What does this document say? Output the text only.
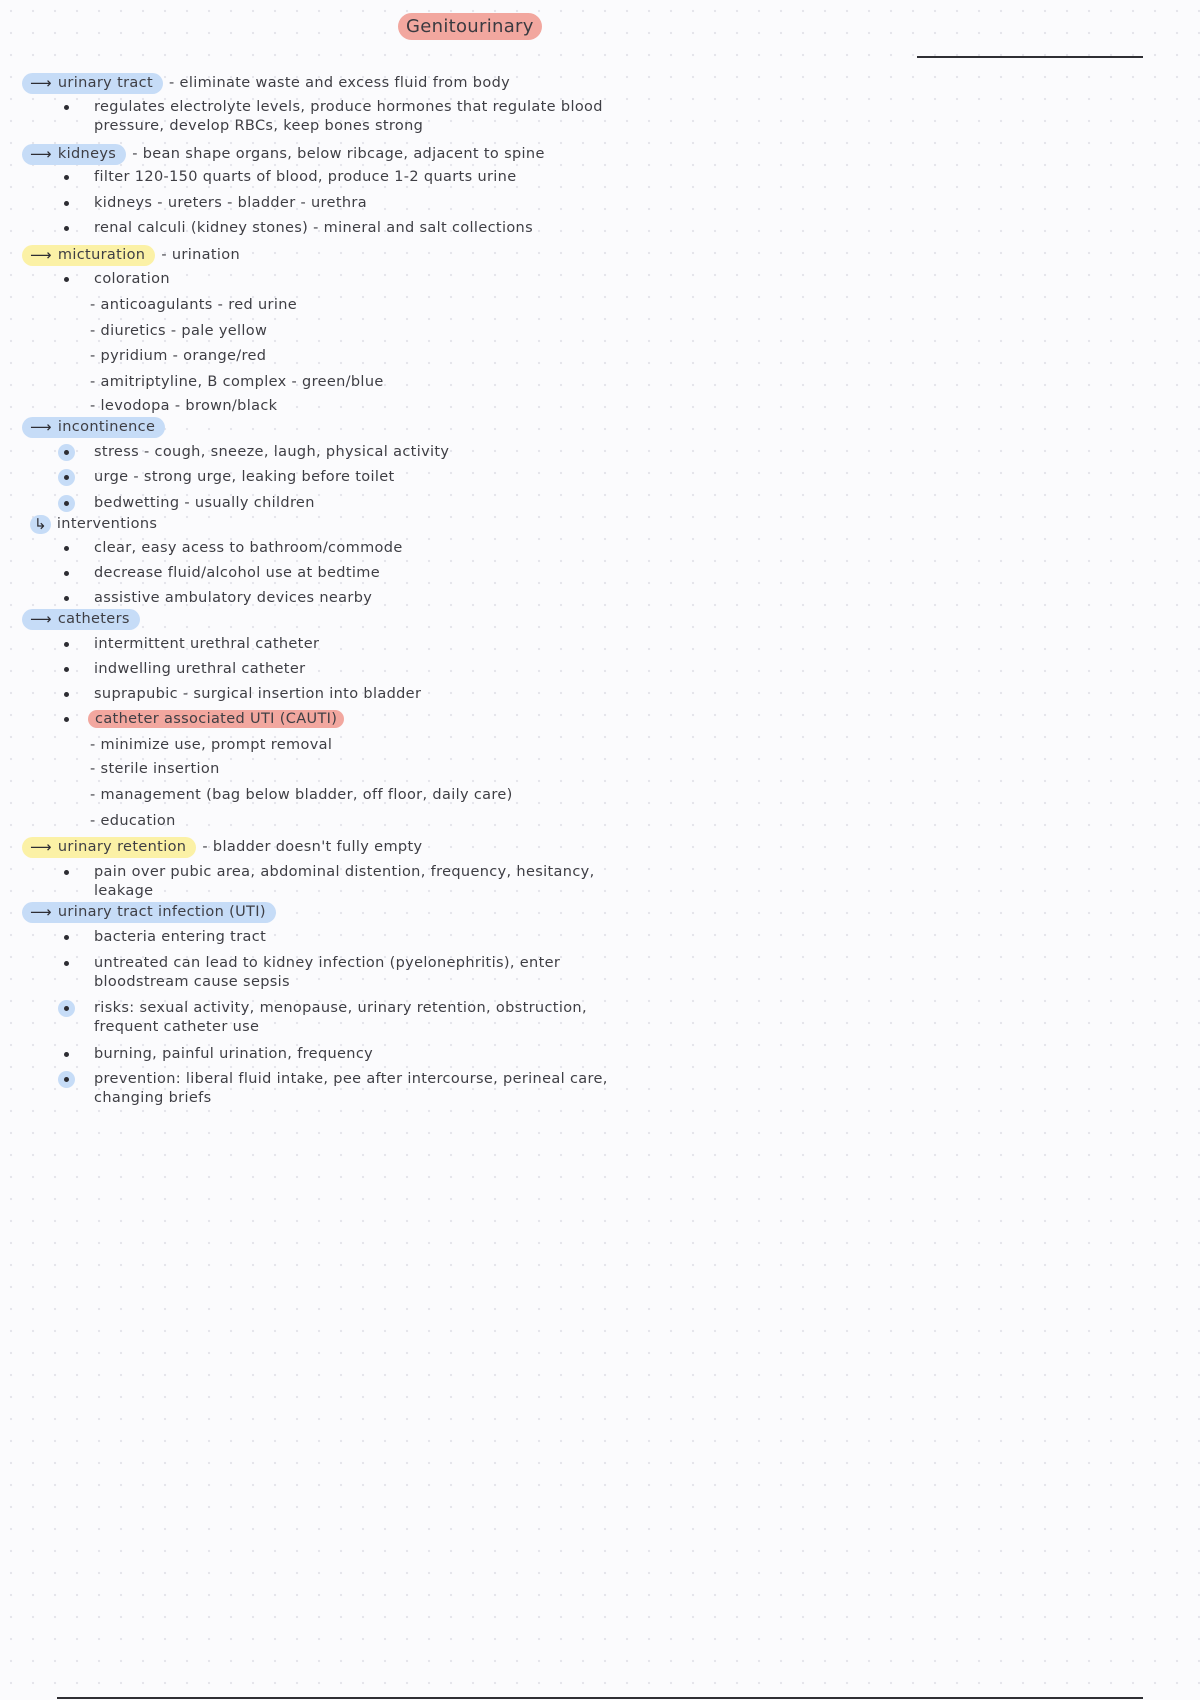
Genitourinary
⟶ urinary tract - eliminate waste and excess fluid from body
regulates electrolyte levels, produce hormones that regulate blood pressure, develop RBCs, keep bones strong
⟶ kidneys - bean shape organs, below ribcage, adjacent to spine
filter 120-150 quarts of blood, produce 1-2 quarts urine
kidneys - ureters - bladder - urethra
renal calculi (kidney stones) - mineral and salt collections
⟶ micturation - urination
coloration
- anticoagulants - red urine
- diuretics - pale yellow
- pyridium - orange/red
- amitriptyline, B complex - green/blue
- levodopa - brown/black
⟶ incontinence
stress - cough, sneeze, laugh, physical activity
urge - strong urge, leaking before toilet
bedwetting - usually children
↳ interventions
clear, easy acess to bathroom/commode
decrease fluid/alcohol use at bedtime
assistive ambulatory devices nearby
⟶ catheters
intermittent urethral catheter
indwelling urethral catheter
suprapubic - surgical insertion into bladder
catheter associated UTI (CAUTI)
- minimize use, prompt removal
- sterile insertion
- management (bag below bladder, off floor, daily care)
- education
⟶ urinary retention - bladder doesn't fully empty
pain over pubic area, abdominal distention, frequency, hesitancy, leakage
⟶ urinary tract infection (UTI)
bacteria entering tract
untreated can lead to kidney infection (pyelonephritis), enter bloodstream cause sepsis
risks: sexual activity, menopause, urinary retention, obstruction, frequent catheter use
burning, painful urination, frequency
prevention: liberal fluid intake, pee after intercourse, perineal care, changing briefs
